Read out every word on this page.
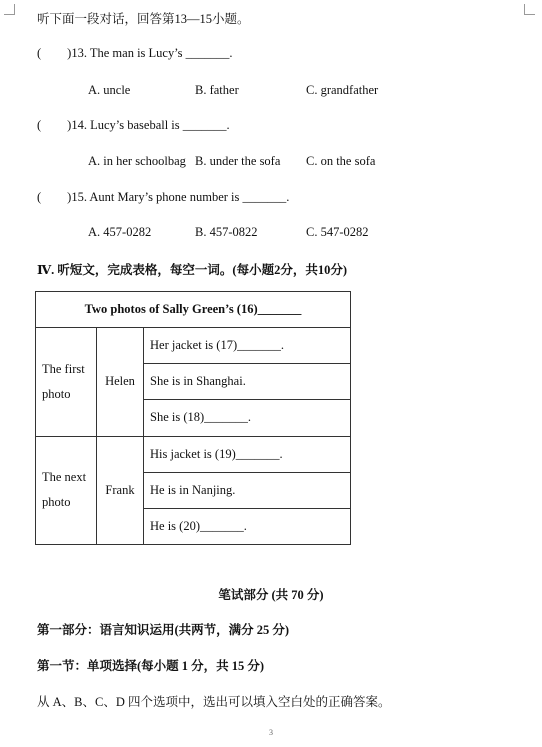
听下面一段对话，回答第13—15小题。
( )13. The man is Lucy’s _______.
A. uncle	B. father	C. grandfather
( )14. Lucy’s baseball is _______.
A. in her schoolbag B. under the sofa C. on the sofa
( )15. Aunt Mary’s phone number is _______.
A. 457-0282	B. 457-0822	C. 547-0282
Ⅳ. 听短文，完成表格，每空一词。(每小题2分，共10分)
Two photos of Sally Green’s (16)_______		
The first photo	Helen	Her jacket is (17)_______.
		She is in Shanghai.
		She is (18)_______.
The next photo	Frank	His jacket is (19)_______.
		He is in Nanjing.
		He is (20)_______.
笔试部分 (共 70 分)
第一部分：语言知识运用(共两节，满分 25 分)
第一节：单项选择(每小题 1 分，共 15 分)
从 A、B、C、D 四个选项中，选出可以填入空白处的正确答案。
3
